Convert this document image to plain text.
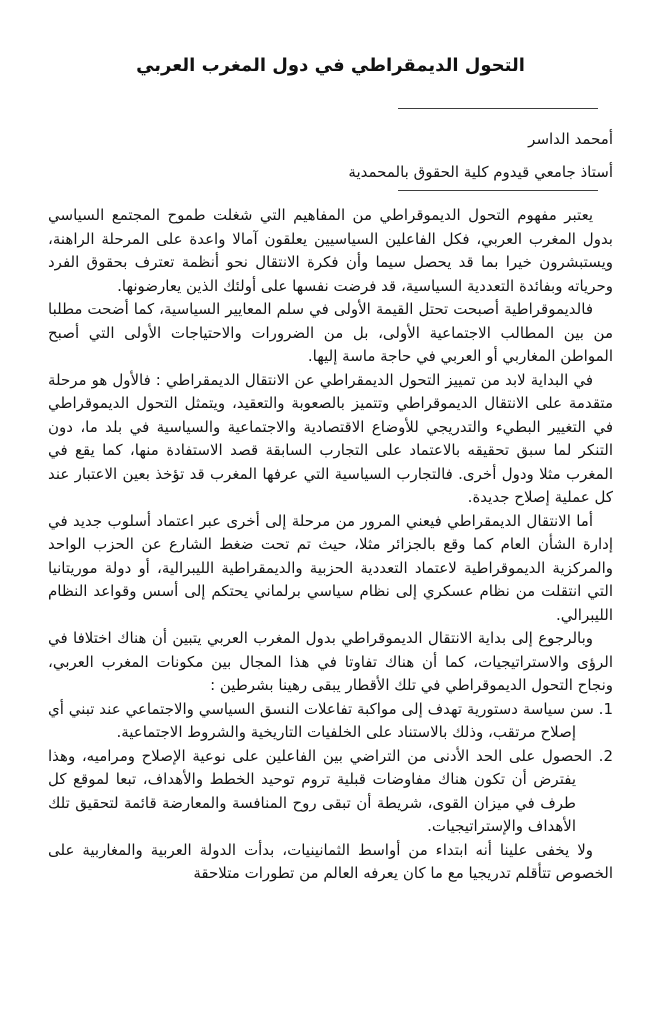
التحول الديمقراطي في دول المغرب العربي
أمحمد الداسر
أستاذ جامعي قيدوم كلية الحقوق بالمحمدية

يعتبر مفهوم التحول الديموقراطي من المفاهيم التي شغلت طموح المجتمع السياسي بدول المغرب العربي، فكل الفاعلين السياسيين يعلقون آمالا واعدة على المرحلة الراهنة، ويستبشرون خيرا بما قد يحصل سيما وأن فكرة الانتقال نحو أنظمة تعترف بحقوق الفرد وحرياته وبفائدة التعددية السياسية، قد فرضت نفسها على أولئك الذين يعارضونها.

فالديموقراطية أصبحت تحتل القيمة الأولى في سلم المعايير السياسية، كما أضحت مطلبا من بين المطالب الاجتماعية الأولى، بل من الضرورات والاحتياجات الأولى التي أصبح المواطن المغاربي أو العربي في حاجة ماسة إليها.

في البداية لابد من تمييز التحول الديمقراطي عن الانتقال الديمقراطي : فالأول هو مرحلة متقدمة على الانتقال الديموقراطي وتتميز بالصعوبة والتعقيد، ويتمثل التحول الديموقراطي في التغيير البطيء والتدريجي للأوضاع الاقتصادية والاجتماعية والسياسية في بلد ما، دون التنكر لما سبق تحقيقه بالاعتماد على التجارب السابقة قصد الاستفادة منها، كما يقع في المغرب مثلا ودول أخرى. فالتجارب السياسية التي عرفها المغرب قد تؤخذ بعين الاعتبار عند كل عملية إصلاح جديدة.

أما الانتقال الديمقراطي فيعني المرور من مرحلة إلى أخرى عبر اعتماد أسلوب جديد في إدارة الشأن العام كما وقع بالجزائر مثلا، حيث تم تحت ضغط الشارع عن الحزب الواحد والمركزية الديموقراطية لاعتماد التعددية الحزبية والديمقراطية الليبرالية، أو دولة موريتانيا التي انتقلت من نظام عسكري إلى نظام سياسي برلماني يحتكم إلى أسس وقواعد النظام الليبرالي.

وبالرجوع إلى بداية الانتقال الديموقراطي بدول المغرب العربي يتبين أن هناك اختلافا في الرؤى والاستراتيجيات، كما أن هناك تفاوتا في هذا المجال بين مكونات المغرب العربي، ونجاح التحول الديموقراطي في تلك الأقطار يبقى رهينا بشرطين :

1. سن سياسة دستورية تهدف إلى مواكبة تفاعلات النسق السياسي والاجتماعي عند تبني أي إصلاح مرتقب، وذلك بالاستناد على الخلفيات التاريخية والشروط الاجتماعية.
2. الحصول على الحد الأدنى من التراضي بين الفاعلين على نوعية الإصلاح ومراميه، وهذا يفترض أن تكون هناك مفاوضات قبلية تروم توحيد الخطط والأهداف، تبعا لموقع كل طرف في ميزان القوى، شريطة أن تبقى روح المنافسة والمعارضة قائمة لتحقيق تلك الأهداف والإستراتيجيات.

ولا يخفى علينا أنه ابتداء من أواسط الثمانينيات، بدأت الدولة العربية والمغاربية على الخصوص تتأقلم تدريجيا مع ما كان يعرفه العالم من تطورات متلاحقة
